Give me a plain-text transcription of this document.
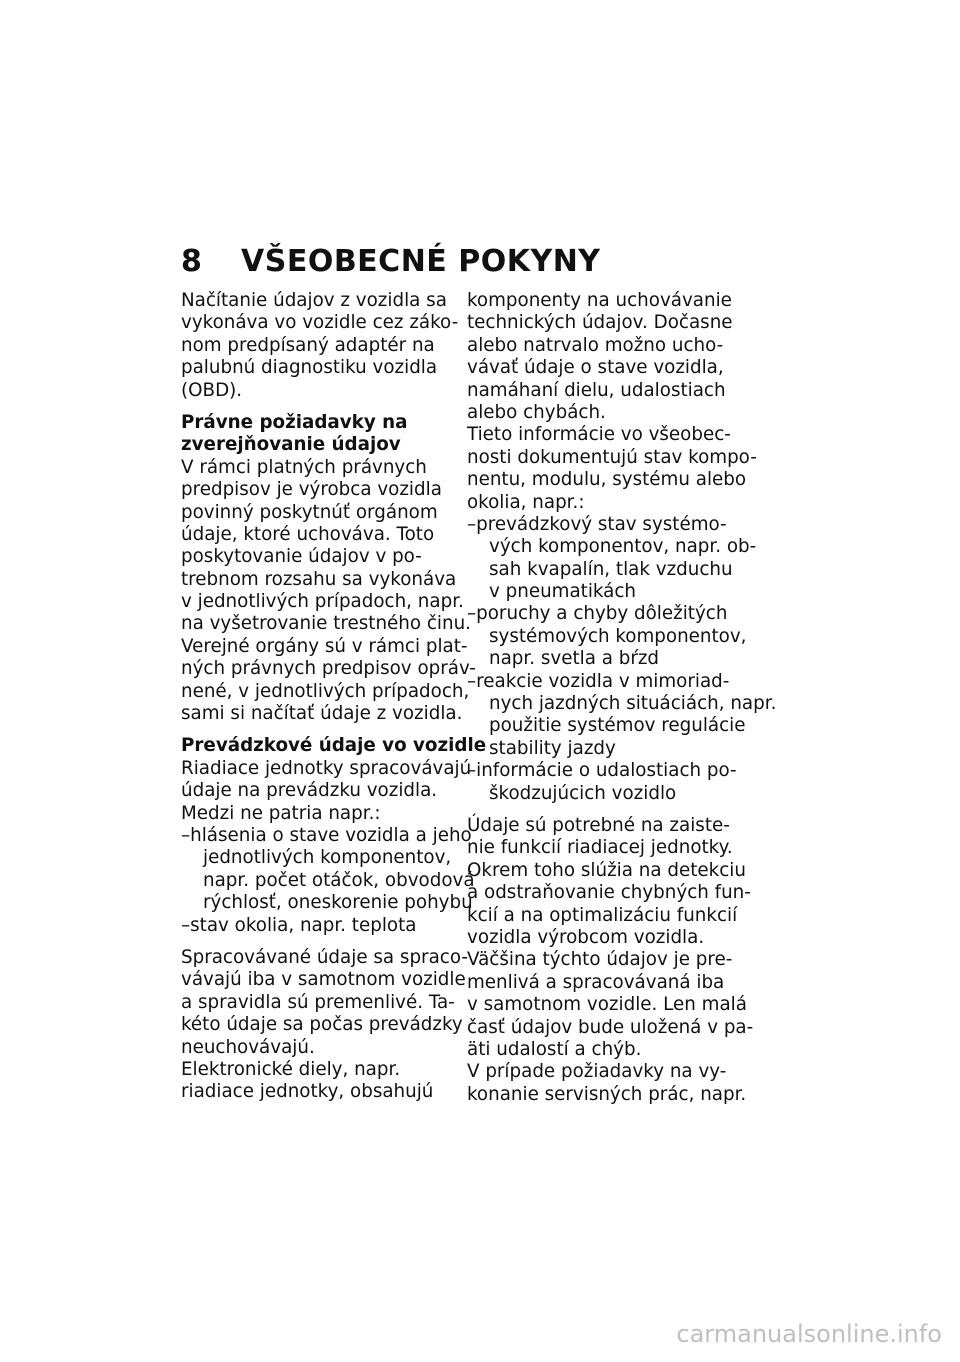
8 VŠEOBECNÉ POKYNY
Načítanie údajov z vozidla sa
vykonáva vo vozidle cez záko-
nom predpísaný adaptér na
palubnú diagnostiku vozidla
(OBD).
Právne požiadavky na
zverejňovanie údajov
V rámci platných právnych
predpisov je výrobca vozidla
povinný poskytnúť orgánom
údaje, ktoré uchováva. Toto
poskytovanie údajov v po-
trebnom rozsahu sa vykonáva
v jednotlivých prípadoch, napr.
na vyšetrovanie trestného činu.
Verejné orgány sú v rámci plat-
ných právnych predpisov opráv-
nené, v jednotlivých prípadoch,
sami si načítať údaje z vozidla.
Prevádzkové údaje vo vozidle
Riadiace jednotky spracovávajú
údaje na prevádzku vozidla.
Medzi ne patria napr.:
–hlásenia o stave vozidla a jeho
jednotlivých komponentov,
napr. počet otáčok, obvodová
rýchlosť, oneskorenie pohybu
–stav okolia, napr. teplota
Spracovávané údaje sa spraco-
vávajú iba v samotnom vozidle
a spravidla sú premenlivé. Ta-
kéto údaje sa počas prevádzky
neuchovávajú.
Elektronické diely, napr.
riadiace jednotky, obsahujú
komponenty na uchovávanie
technických údajov. Dočasne
alebo natrvalo možno ucho-
vávať údaje o stave vozidla,
namáhaní dielu, udalostiach
alebo chybách.
Tieto informácie vo všeobec-
nosti dokumentujú stav kompo-
nentu, modulu, systému alebo
okolia, napr.:
–prevádzkový stav systémo-
vých komponentov, napr. ob-
sah kvapalín, tlak vzduchu
v pneumatikách
–poruchy a chyby dôležitých
systémových komponentov,
napr. svetla a bŕzd
–reakcie vozidla v mimoriad-
nych jazdných situáciách, napr.
použitie systémov regulácie
stability jazdy
–informácie o udalostiach po-
škodzujúcich vozidlo
Údaje sú potrebné na zaiste-
nie funkcií riadiacej jednotky.
Okrem toho slúžia na detekciu
a odstraňovanie chybných fun-
kcií a na optimalizáciu funkcií
vozidla výrobcom vozidla.
Väčšina týchto údajov je pre-
menlivá a spracovávaná iba
v samotnom vozidle. Len malá
časť údajov bude uložená v pa-
äti udalostí a chýb.
V prípade požiadavky na vy-
konanie servisných prác, napr.
carmanualsonline.info
